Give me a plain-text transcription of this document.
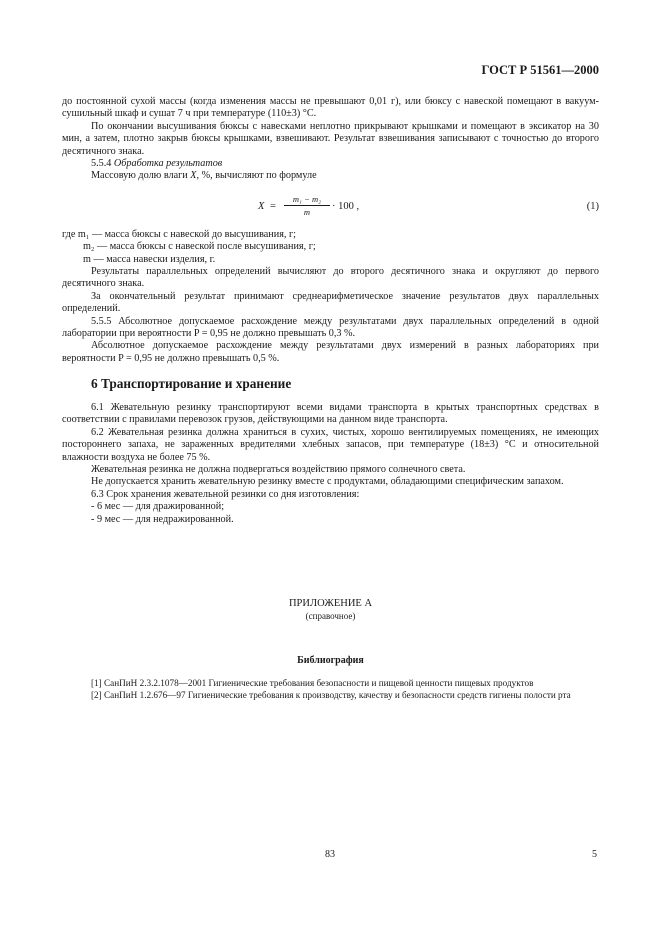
ГОСТ Р 51561—2000

до постоянной сухой массы (когда изменения массы не превышают 0,01 г), или бюксу с навеской помещают в вакуум-сушильный шкаф и сушат 7 ч при температуре (110±3) °С.

По окончании высушивания бюксы с навесками неплотно прикрывают крышками и помещают в эксикатор на 30 мин, а затем, плотно закрыв бюксы крышками, взвешивают. Результат взвешивания записывают с точностью до второго десятичного знака.

5.5.4 Обработка результатов

Массовую долю влаги X, %, вычисляют по формуле

$X = \frac{\text{m₁ − m₂}}{m} \cdot 100$ ,	(1)
где m₁ — масса бюксы с навеской до высушивания, г;
m₂ — масса бюксы с навеской после высушивания, г;
m — масса навески изделия, г.

Результаты параллельных определений вычисляют до второго десятичного знака и округляют до первого десятичного знака.

За окончательный результат принимают среднеарифметическое значение результатов двух параллельных определений.

5.5.5 Абсолютное допускаемое расхождение между результатами двух параллельных определений в одной лаборатории при вероятности P = 0,95 не должно превышать 0,3 %.

Абсолютное допускаемое расхождение между результатами двух измерений в разных лабораториях при вероятности P = 0,95 не должно превышать 0,5 %.

6 Транспортирование и хранение

6.1 Жевательную резинку транспортируют всеми видами транспорта в крытых транспортных средствах в соответствии с правилами перевозок грузов, действующими на данном виде транспорта.

6.2 Жевательная резинка должна храниться в сухих, чистых, хорошо вентилируемых помещениях, не имеющих постороннего запаха, не зараженных вредителями хлебных запасов, при температуре (18±3) °С и относительной влажности воздуха не более 75 %.

Жевательная резинка не должна подвергаться воздействию прямого солнечного света.

Не допускается хранить жевательную резинку вместе с продуктами, обладающими специфическим запахом.

6.3 Срок хранения жевательной резинки со дня изготовления:

- 6 мес — для дражированной;

- 9 мес — для недражированной.

ПРИЛОЖЕНИЕ А
(справочное)
Библиография

[1] СанПиН 2.3.2.1078—2001 Гигиенические требования безопасности и пищевой ценности пищевых продуктов

[2] СанПиН 1.2.676—97 Гигиенические требования к производству, качеству и безопасности средств гигиены полости рта

83	5
